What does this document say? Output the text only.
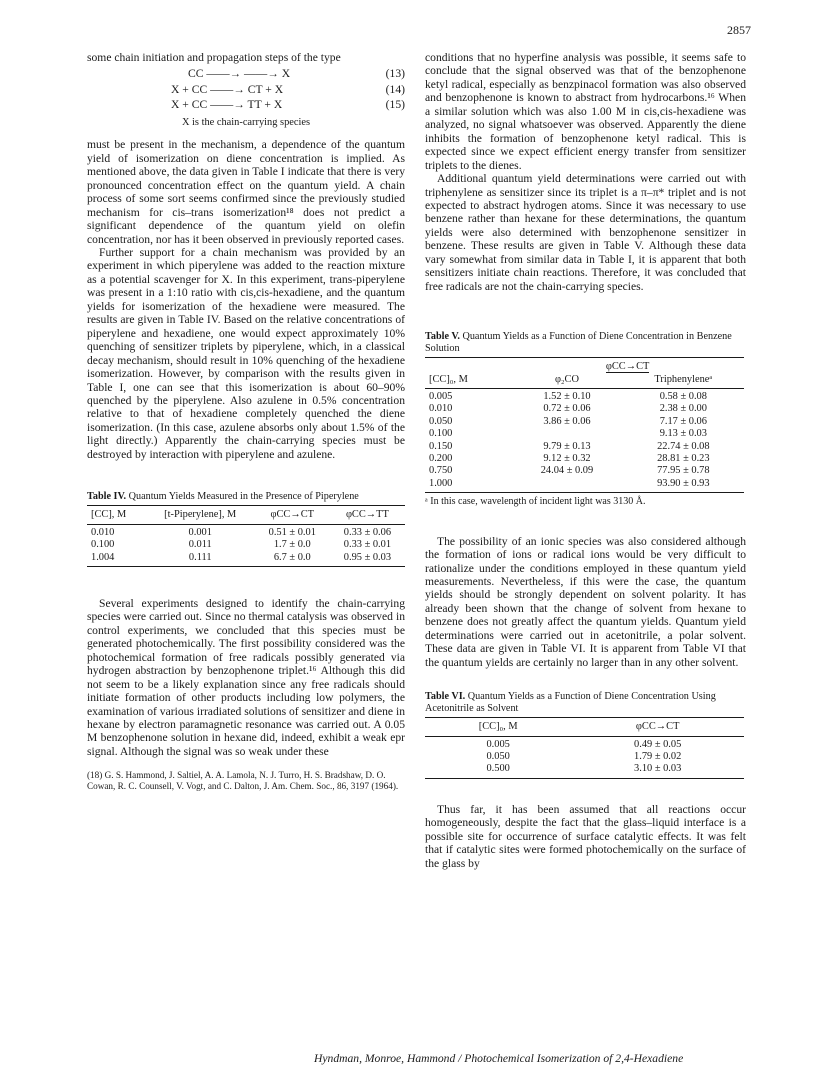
2857

some chain initiation and propagation steps of the type

CC ——→ ——→ X	(13)
X + CC ——→ CT + X	(14)
X + CC ——→ TT + X	(15)
X is the chain-carrying species

must be present in the mechanism, a dependence of the quantum yield of isomerization on diene concentration is implied. As mentioned above, the data given in Table I indicate that there is very pronounced concentration effect on the quantum yield. A chain process of some sort seems confirmed since the previously studied mechanism for cis–trans isomerization¹⁸ does not predict a significant dependence of the quantum yield on olefin concentration, nor has it been observed in previously reported cases.

Further support for a chain mechanism was provided by an experiment in which piperylene was added to the reaction mixture as a potential scavenger for X. In this experiment, trans-piperylene was present in a 1:10 ratio with cis,cis-hexadiene, and the quantum yields for isomerization of the hexadiene were measured. The results are given in Table IV. Based on the relative concentrations of piperylene and hexadiene, one would expect approximately 10% quenching of sensitizer triplets by piperylene, which, in a classical decay mechanism, should result in 10% quenching of the hexadiene isomerization. However, by comparison with the results given in Table I, one can see that this isomerization is about 60–90% quenched by the piperylene. Also azulene in 0.5% concentration relative to that of hexadiene completely quenched the diene isomerization. (In this case, azulene absorbs only about 1.5% of the light directly.) Apparently the chain-carrying species must be destroyed by interaction with piperylene and azulene.

Table IV. Quantum Yields Measured in the Presence of Piperylene
[CC], M	[t-Piperylene], M	φCC→CT	φCC→TT
0.010	0.001	0.51 ± 0.01	0.33 ± 0.06
0.100	0.011	1.7 ± 0.0	0.33 ± 0.01
1.004	0.111	6.7 ± 0.0	0.95 ± 0.03

Several experiments designed to identify the chain-carrying species were carried out. Since no thermal catalysis was observed in control experiments, we concluded that this species must be generated photochemically. The first possibility considered was the photochemical formation of free radicals possibly generated via hydrogen abstraction by benzophenone triplet.¹⁶ Although this did not seem to be a likely explanation since any free radicals should initiate formation of other products including low polymers, the examination of various irradiated solutions of sensitizer and diene in hexane by electron paramagnetic resonance was carried out. A 0.05 M benzophenone solution in hexane did, indeed, exhibit a weak epr signal. Although the signal was so weak under these

(18) G. S. Hammond, J. Saltiel, A. A. Lamola, N. J. Turro, H. S. Bradshaw, D. O. Cowan, R. C. Counsell, V. Vogt, and C. Dalton, J. Am. Chem. Soc., 86, 3197 (1964).

conditions that no hyperfine analysis was possible, it seems safe to conclude that the signal observed was that of the benzophenone ketyl radical, especially as benzpinacol formation was also observed and benzophenone is known to abstract from hydrocarbons.¹⁶ When a similar solution which was also 1.00 M in cis,cis-hexadiene was analyzed, no signal whatsoever was observed. Apparently the diene inhibits the formation of benzophenone ketyl radical. This is expected since we expect efficient energy transfer from sensitizer triplets to the dienes.

Additional quantum yield determinations were carried out with triphenylene as sensitizer since its triplet is a π–π* triplet and is not expected to abstract hydrogen atoms. Since it was necessary to use benzene rather than hexane for these determinations, the quantum yields were also determined with benzophenone sensitizer in benzene. These results are given in Table V. Although these data vary somewhat from similar data in Table I, it is apparent that both sensitizers initiate chain reactions. Therefore, it was concluded that free radicals are not the chain-carrying species.

Table V. Quantum Yields as a Function of Diene Concentration in Benzene Solution
	φCC→CT	
[CC]₀, M	φ₂CO	Triphenyleneᵃ
0.005	1.52 ± 0.10	0.58 ± 0.08
0.010	0.72 ± 0.06	2.38 ± 0.00
0.050	3.86 ± 0.06	7.17 ± 0.06
0.100		9.13 ± 0.03
0.150	9.79 ± 0.13	22.74 ± 0.08
0.200	9.12 ± 0.32	28.81 ± 0.23
0.750	24.04 ± 0.09	77.95 ± 0.78
1.000		93.90 ± 0.93
ᵃ In this case, wavelength of incident light was 3130 Å.

The possibility of an ionic species was also considered although the formation of ions or radical ions would be very difficult to rationalize under the conditions employed in these quantum yield measurements. Nevertheless, if this were the case, the quantum yields should be strongly dependent on solvent polarity. It has already been shown that the change of solvent from hexane to benzene does not greatly affect the quantum yields. Quantum yield determinations were carried out in acetonitrile, a polar solvent. These data are given in Table VI. It is apparent from Table VI that the quantum yields are certainly no larger than in any other solvent.

Table VI. Quantum Yields as a Function of Diene Concentration Using Acetonitrile as Solvent
[CC]₀, M	φCC→CT
0.005	0.49 ± 0.05
0.050	1.79 ± 0.02
0.500	3.10 ± 0.03

Thus far, it has been assumed that all reactions occur homogeneously, despite the fact that the glass–liquid interface is a possible site for occurrence of surface catalytic effects. It was felt that if catalytic sites were formed photochemically on the surface of the glass by

Hyndman, Monroe, Hammond / Photochemical Isomerization of 2,4-Hexadiene
